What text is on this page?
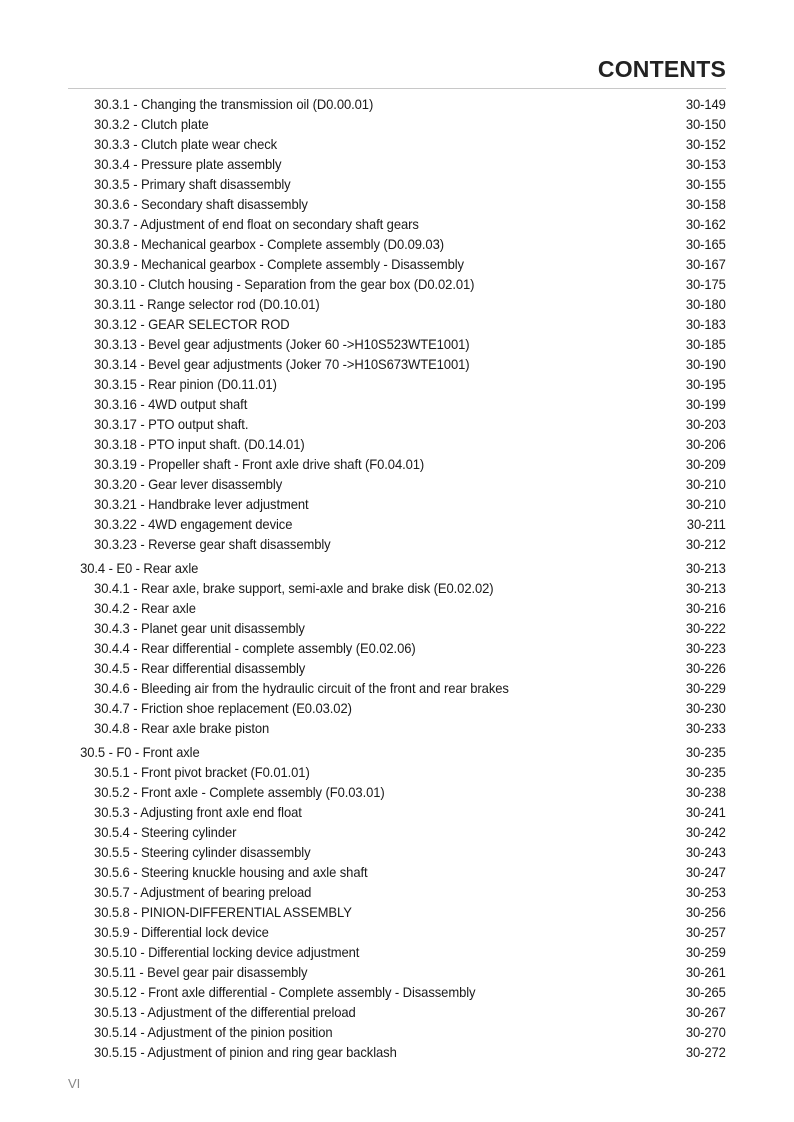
CONTENTS
30.3.1 - Changing the transmission oil (D0.00.01)	30-149
30.3.2 - Clutch plate	30-150
30.3.3 - Clutch plate wear check	30-152
30.3.4 - Pressure plate assembly	30-153
30.3.5 - Primary shaft disassembly	30-155
30.3.6 - Secondary shaft disassembly	30-158
30.3.7 - Adjustment of end float on secondary shaft gears	30-162
30.3.8 - Mechanical gearbox - Complete assembly (D0.09.03)	30-165
30.3.9 - Mechanical gearbox - Complete assembly - Disassembly	30-167
30.3.10 - Clutch housing - Separation from the gear box (D0.02.01)	30-175
30.3.11 - Range selector rod (D0.10.01)	30-180
30.3.12 - GEAR SELECTOR ROD	30-183
30.3.13 - Bevel gear adjustments (Joker 60 ->H10S523WTE1001)	30-185
30.3.14 - Bevel gear adjustments (Joker 70 ->H10S673WTE1001)	30-190
30.3.15 - Rear pinion (D0.11.01)	30-195
30.3.16 - 4WD output shaft	30-199
30.3.17 - PTO output shaft.	30-203
30.3.18 - PTO input shaft. (D0.14.01)	30-206
30.3.19 - Propeller shaft - Front axle drive shaft (F0.04.01)	30-209
30.3.20 - Gear lever disassembly	30-210
30.3.21 - Handbrake lever adjustment	30-210
30.3.22 - 4WD engagement device	30-211
30.3.23 - Reverse gear shaft disassembly	30-212
30.4 - E0 - Rear axle	30-213
30.4.1 - Rear axle, brake support, semi-axle and brake disk (E0.02.02)	30-213
30.4.2 - Rear axle	30-216
30.4.3 - Planet gear unit disassembly	30-222
30.4.4 - Rear differential - complete assembly (E0.02.06)	30-223
30.4.5 - Rear differential disassembly	30-226
30.4.6 - Bleeding air from the hydraulic circuit of the front and rear brakes	30-229
30.4.7 - Friction shoe replacement (E0.03.02)	30-230
30.4.8 - Rear axle brake piston	30-233
30.5 - F0 - Front axle	30-235
30.5.1 - Front pivot bracket (F0.01.01)	30-235
30.5.2 - Front axle - Complete assembly (F0.03.01)	30-238
30.5.3 - Adjusting front axle end float	30-241
30.5.4 - Steering cylinder	30-242
30.5.5 - Steering cylinder disassembly	30-243
30.5.6 - Steering knuckle housing and axle shaft	30-247
30.5.7 - Adjustment of bearing preload	30-253
30.5.8 - PINION-DIFFERENTIAL ASSEMBLY	30-256
30.5.9 - Differential lock device	30-257
30.5.10 - Differential locking device adjustment	30-259
30.5.11 - Bevel gear pair disassembly	30-261
30.5.12 - Front axle differential - Complete assembly - Disassembly	30-265
30.5.13 - Adjustment of the differential preload	30-267
30.5.14 - Adjustment of the pinion position	30-270
30.5.15 - Adjustment of pinion and ring gear backlash	30-272
VI
